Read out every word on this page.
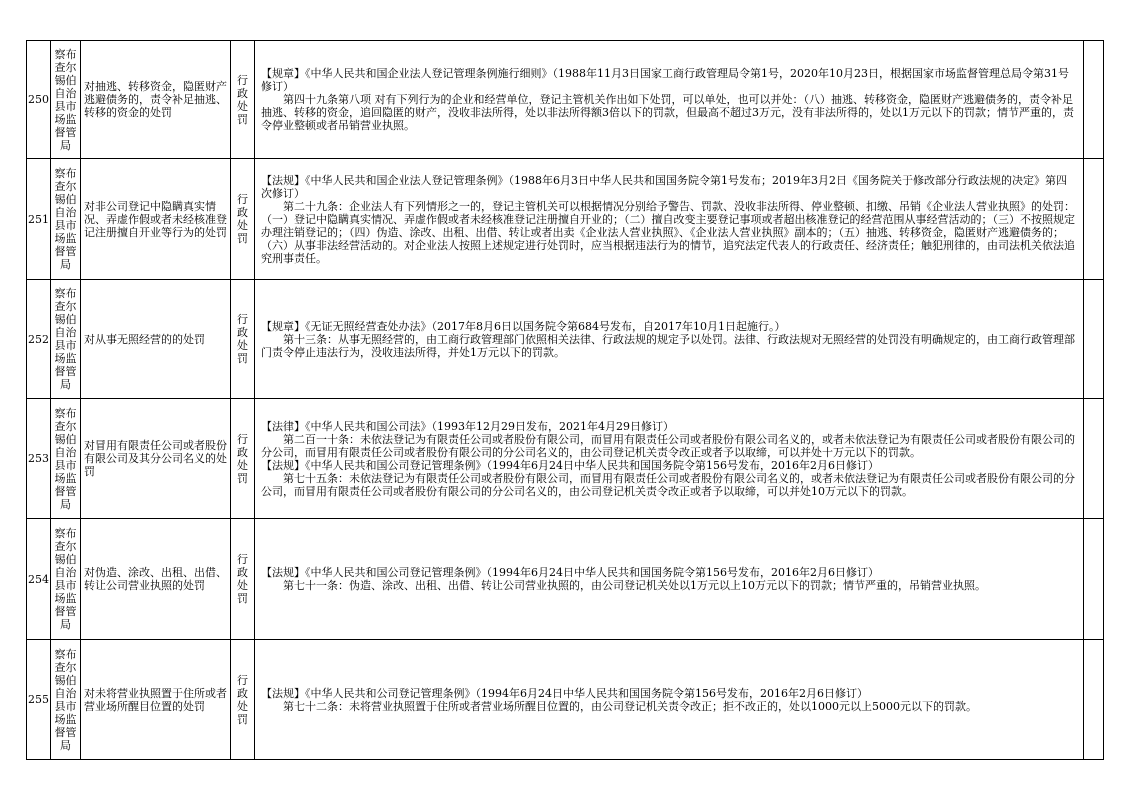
250	察布查尔锡伯自治县市场监督管局	对抽逃、转移资金，隐匿财产逃避债务的，责令补足抽逃、转移的资金的处罚	行政处罚	【规章】《中华人民共和国企业法人登记管理条例施行细则》（1988年11月3日国家工商行政管理局令第1号，2020年10月23日，根据国家市场监督管理总局令第31号修订）

第四十九条第八项 对有下列行为的企业和经营单位，登记主管机关作出如下处罚，可以单处，也可以并处：（八）抽逃、转移资金，隐匿财产逃避债务的，责令补足抽逃、转移的资金，追回隐匿的财产，没收非法所得，处以非法所得额3倍以下的罚款，但最高不超过3万元，没有非法所得的，处以1万元以下的罚款；情节严重的，责令停业整顿或者吊销营业执照。	

251	察布查尔锡伯自治县市场监督管局	对非公司登记中隐瞒真实情况、弄虚作假或者未经核准登记注册擅自开业等行为的处罚	行政处罚	【法规】《中华人民共和国企业法人登记管理条例》（1988年6月3日中华人民共和国国务院令第1号发布；2019年3月2日《国务院关于修改部分行政法规的决定》第四次修订）

第二十九条：企业法人有下列情形之一的，登记主管机关可以根据情况分别给予警告、罚款、没收非法所得、停业整顿、扣缴、吊销《企业法人营业执照》的处罚：（一）登记中隐瞒真实情况、弄虚作假或者未经核准登记注册擅自开业的；（二）擅自改变主要登记事项或者超出核准登记的经营范围从事经营活动的；（三）不按照规定办理注销登记的；（四）伪造、涂改、出租、出借、转让或者出卖《企业法人营业执照》、《企业法人营业执照》副本的；（五）抽逃、转移资金，隐匿财产逃避债务的；（六）从事非法经营活动的。对企业法人按照上述规定进行处罚时，应当根据违法行为的情节，追究法定代表人的行政责任、经济责任；触犯刑律的，由司法机关依法追究刑事责任。	

252	察布查尔锡伯自治县市场监督管局	对从事无照经营的的处罚	行政处罚	【规章】《无证无照经营查处办法》（2017年8月6日以国务院令第684号发布，自2017年10月1日起施行。）

第十三条：从事无照经营的，由工商行政管理部门依照相关法律、行政法规的规定予以处罚。法律、行政法规对无照经营的处罚没有明确规定的，由工商行政管理部门责令停止违法行为，没收违法所得，并处1万元以下的罚款。	

253	察布查尔锡伯自治县市场监督管局	对冒用有限责任公司或者股份有限公司及其分公司名义的处罚	行政处罚	【法律】《中华人民共和国公司法》（1993年12月29日发布，2021年4月29日修订）

第二百一十条：未依法登记为有限责任公司或者股份有限公司，而冒用有限责任公司或者股份有限公司名义的，或者未依法登记为有限责任公司或者股份有限公司的分公司，而冒用有限责任公司或者股份有限公司的分公司名义的，由公司登记机关责令改正或者予以取缔，可以并处十万元以下的罚款。

【法规】《中华人民共和国公司登记管理条例》（1994年6月24日中华人民共和国国务院令第156号发布，2016年2月6日修订）

第七十五条：未依法登记为有限责任公司或者股份有限公司，而冒用有限责任公司或者股份有限公司名义的，或者未依法登记为有限责任公司或者股份有限公司的分公司，而冒用有限责任公司或者股份有限公司的分公司名义的，由公司登记机关责令改正或者予以取缔，可以并处10万元以下的罚款。	

254	察布查尔锡伯自治县市场监督管局	对伪造、涂改、出租、出借、转让公司营业执照的处罚	行政处罚	【法规】《中华人民共和国公司登记管理条例》（1994年6月24日中华人民共和国国务院令第156号发布，2016年2月6日修订）

第七十一条：伪造、涂改、出租、出借、转让公司营业执照的，由公司登记机关处以1万元以上10万元以下的罚款；情节严重的，吊销营业执照。	

255	察布查尔锡伯自治县市场监督管局	对未将营业执照置于住所或者营业场所醒目位置的处罚	行政处罚	【法规】《中华人民共和公司登记管理条例》（1994年6月24日中华人民共和国国务院令第156号发布，2016年2月6日修订）

第七十二条：未将营业执照置于住所或者营业场所醒目位置的，由公司登记机关责令改正；拒不改正的，处以1000元以上5000元以下的罚款。	
